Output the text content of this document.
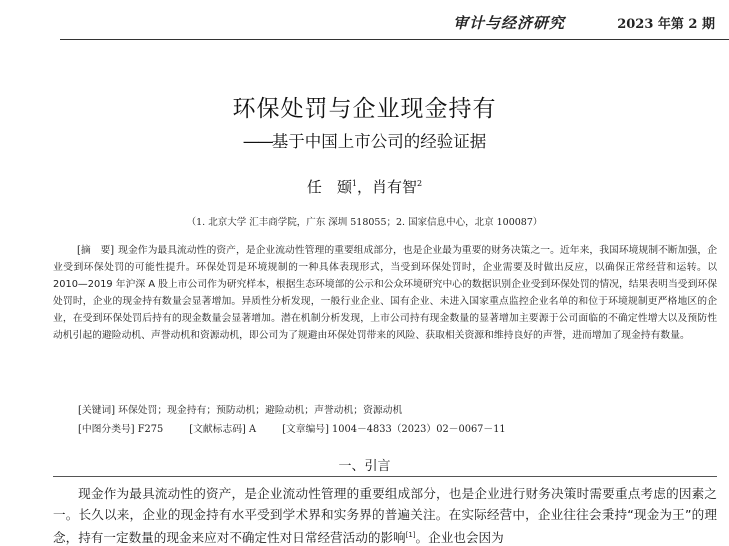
审计与经济研究	2023 年第 2 期
环保处罚与企业现金持有
——基于中国上市公司的经验证据
任　颋$^1$，肖有智$^2$
（1. 北京大学 汇丰商学院，广东 深圳 518055；2. 国家信息中心，北京 100087）
[摘　要] 现金作为最具流动性的资产，是企业流动性管理的重要组成部分，也是企业最为重要的财务决策之一。近年来，我国环境规制不断加强，企业受到环保处罚的可能性提升。环保处罚是环境规制的一种具体表现形式，当受到环保处罚时，企业需要及时做出反应，以确保正常经营和运转。以 2010—2019 年沪深 A 股上市公司作为研究样本，根据生态环境部的公示和公众环境研究中心的数据识别企业受到环保处罚的情况，结果表明当受到环保处罚时，企业的现金持有数量会显著增加。异质性分析发现，一般行业企业、国有企业、未进入国家重点监控企业名单的和位于环境规制更严格地区的企业，在受到环保处罚后持有的现金数量会显著增加。潜在机制分析发现，上市公司持有现金数量的显著增加主要源于公司面临的不确定性增大以及预防性动机引起的避险动机、声誉动机和资源动机，即公司为了规避由环保处罚带来的风险、获取相关资源和维持良好的声誉，进而增加了现金持有数量。
[关键词] 环保处罚；现金持有；预防动机；避险动机；声誉动机；资源动机
[中图分类号] F275	[文献标志码] A	[文章编号] 1004－4833（2023）02－0067－11
一、引言
现金作为最具流动性的资产，是企业流动性管理的重要组成部分，也是企业进行财务决策时需要重点考虑的因素之一。长久以来，企业的现金持有水平受到学术界和实务界的普遍关注。在实际经营中，企业往往会秉持“现金为王”的理念，持有一定数量的现金来应对不确定性对日常经营活动的影响[1]。企业也会因为
